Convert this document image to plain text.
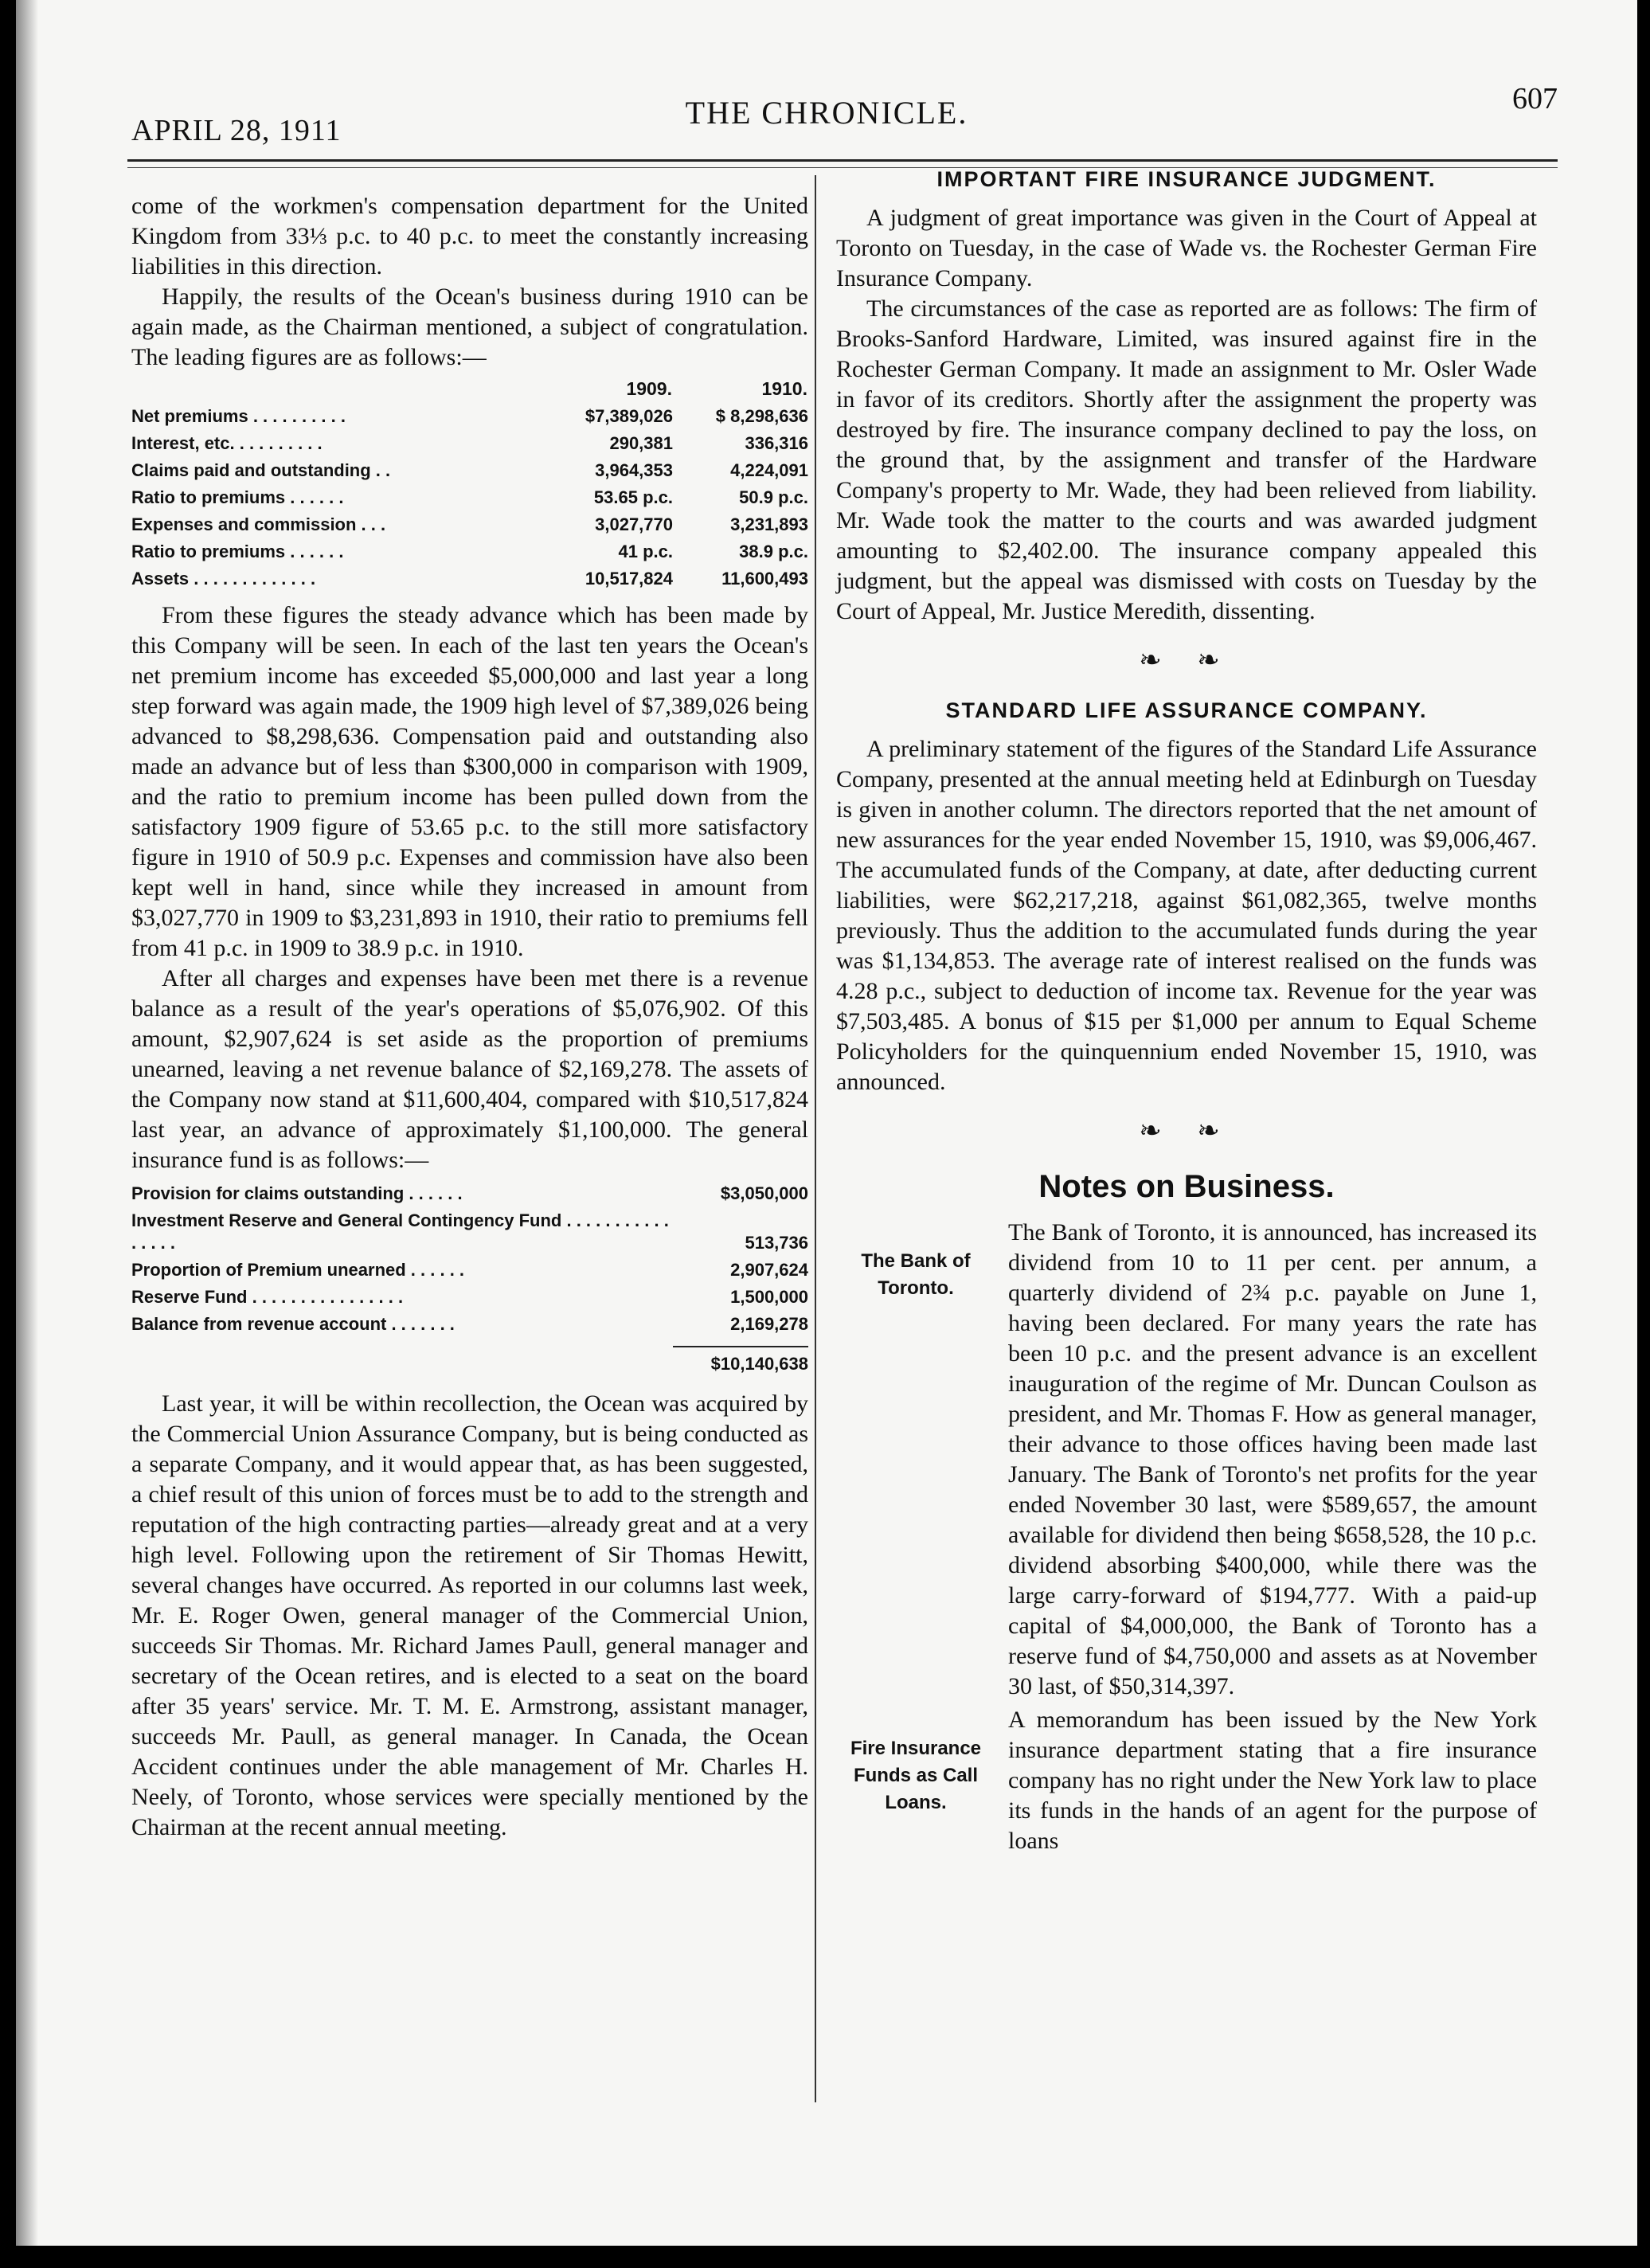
APRIL 28, 1911	THE CHRONICLE.	607

come of the workmen's compensation department for the United Kingdom from 33⅓ p.c. to 40 p.c. to meet the constantly increasing liabilities in this direction.

Happily, the results of the Ocean's business during 1910 can be again made, as the Chairman mentioned, a subject of congratulation. The leading figures are as follows:—

	1909.	1910.
Net premiums . . . . . . . . . .	$7,389,026	$ 8,298,636
Interest, etc. . . . . . . . . .	290,381	336,316
Claims paid and outstanding . .	3,964,353	4,224,091
Ratio to premiums . . . . . .	53.65 p.c.	50.9 p.c.
Expenses and commission . . .	3,027,770	3,231,893
Ratio to premiums . . . . . .	41 p.c.	38.9 p.c.
Assets . . . . . . . . . . . . .	10,517,824	11,600,493

From these figures the steady advance which has been made by this Company will be seen. In each of the last ten years the Ocean's net premium income has exceeded $5,000,000 and last year a long step forward was again made, the 1909 high level of $7,389,026 being advanced to $8,298,636. Compensation paid and outstanding also made an advance but of less than $300,000 in comparison with 1909, and the ratio to premium income has been pulled down from the satisfactory 1909 figure of 53.65 p.c. to the still more satisfactory figure in 1910 of 50.9 p.c. Expenses and commission have also been kept well in hand, since while they increased in amount from $3,027,770 in 1909 to $3,231,893 in 1910, their ratio to premiums fell from 41 p.c. in 1909 to 38.9 p.c. in 1910.

After all charges and expenses have been met there is a revenue balance as a result of the year's operations of $5,076,902. Of this amount, $2,907,624 is set aside as the proportion of premiums unearned, leaving a net revenue balance of $2,169,278. The assets of the Company now stand at $11,600,404, compared with $10,517,824 last year, an advance of approximately $1,100,000. The general insurance fund is as follows:—

Provision for claims outstanding . . . . . .	$3,050,000
Investment Reserve and General Contingency Fund . . . . . . . . . . . . . . . .	513,736
Proportion of Premium unearned . . . . . .	2,907,624
Reserve Fund . . . . . . . . . . . . . . . .	1,500,000
Balance from revenue account . . . . . . .	2,169,278
$10,140,638

Last year, it will be within recollection, the Ocean was acquired by the Commercial Union Assurance Company, but is being conducted as a separate Company, and it would appear that, as has been suggested, a chief result of this union of forces must be to add to the strength and reputation of the high contracting parties—already great and at a very high level. Following upon the retirement of Sir Thomas Hewitt, several changes have occurred. As reported in our columns last week, Mr. E. Roger Owen, general manager of the Commercial Union, succeeds Sir Thomas. Mr. Richard James Paull, general manager and secretary of the Ocean retires, and is elected to a seat on the board after 35 years' service. Mr. T. M. E. Armstrong, assistant manager, succeeds Mr. Paull, as general manager. In Canada, the Ocean Accident continues under the able management of Mr. Charles H. Neely, of Toronto, whose services were specially mentioned by the Chairman at the recent annual meeting.

IMPORTANT FIRE INSURANCE JUDGMENT.

A judgment of great importance was given in the Court of Appeal at Toronto on Tuesday, in the case of Wade vs. the Rochester German Fire Insurance Company.

The circumstances of the case as reported are as follows: The firm of Brooks-Sanford Hardware, Limited, was insured against fire in the Rochester German Company. It made an assignment to Mr. Osler Wade in favor of its creditors. Shortly after the assignment the property was destroyed by fire. The insurance company declined to pay the loss, on the ground that, by the assignment and transfer of the Hardware Company's property to Mr. Wade, they had been relieved from liability. Mr. Wade took the matter to the courts and was awarded judgment amounting to $2,402.00. The insurance company appealed this judgment, but the appeal was dismissed with costs on Tuesday by the Court of Appeal, Mr. Justice Meredith, dissenting.

❧ ❧
STANDARD LIFE ASSURANCE COMPANY.

A preliminary statement of the figures of the Standard Life Assurance Company, presented at the annual meeting held at Edinburgh on Tuesday is given in another column. The directors reported that the net amount of new assurances for the year ended November 15, 1910, was $9,006,467. The accumulated funds of the Company, at date, after deducting current liabilities, were $62,217,218, against $61,082,365, twelve months previously. Thus the addition to the accumulated funds during the year was $1,134,853. The average rate of interest realised on the funds was 4.28 p.c., subject to deduction of income tax. Revenue for the year was $7,503,485. A bonus of $15 per $1,000 per annum to Equal Scheme Policyholders for the quinquennium ended November 15, 1910, was announced.

❧ ❧
Notes on Business.
The Bank of Toronto.

The Bank of Toronto, it is announced, has increased its dividend from 10 to 11 per cent. per annum, a quarterly dividend of 2¾ p.c. payable on June 1, having been declared. For many years the rate has been 10 p.c. and the present advance is an excellent inauguration of the regime of Mr. Duncan Coulson as president, and Mr. Thomas F. How as general manager, their advance to those offices having been made last January. The Bank of Toronto's net profits for the year ended November 30 last, were $589,657, the amount available for dividend then being $658,528, the 10 p.c. dividend absorbing $400,000, while there was the large carry-forward of $194,777. With a paid-up capital of $4,000,000, the Bank of Toronto has a reserve fund of $4,750,000 and assets as at November 30 last, of $50,314,397.

Fire Insurance Funds as Call Loans.

A memorandum has been issued by the New York insurance department stating that a fire insurance company has no right under the New York law to place its funds in the hands of an agent for the purpose of loans
